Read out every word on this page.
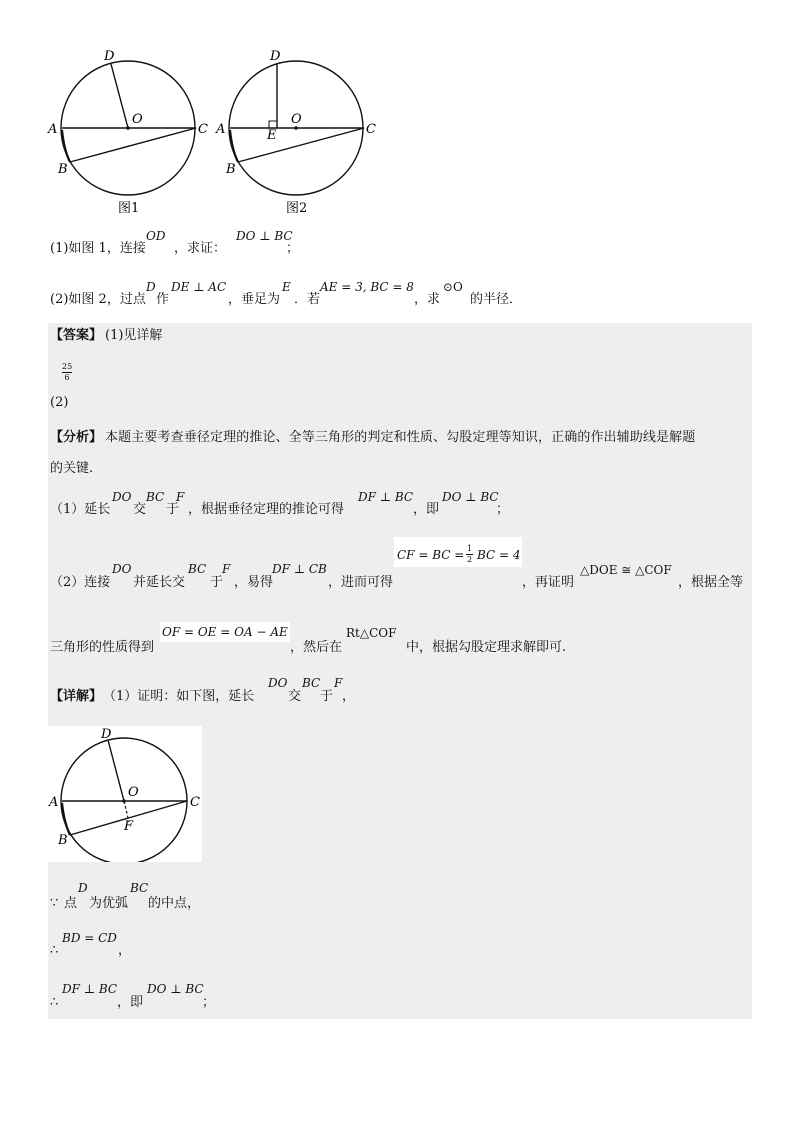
D
O
A	C
B
图1
D
O
A	C
E
B
图2
(1)如图 1，连接
OD
，求证：
DO ⊥ BC
；
(2)如图 2，过点
D
作
DE ⊥ AC
，垂足为
E
．若
AE = 3, BC = 8
，求
⊙O
的半径．
【答案】 (1)见详解
25
6
(2)
【分析】 本题主要考查垂径定理的推论、全等三角形的判定和性质、勾股定理等知识，正确的作出辅助线是解题
的关键.
（1）延长
DO BC
交
F
于 ，根据垂径定理的推论可得
DF ⊥ BC
，即
DO ⊥ BC
；
（2）连接
DO
并延长交
BC F
于 ，易得
DF ⊥ CB
，进而可得
CF = BC = 1
2 BC = 4
，再证明
△DOE ≅ △COF
，根据全等
三角形的性质得到
OF = OE = OA − AE
，然后在
Rt△COF
中，根据勾股定理求解即可.
【详解】 （1）证明：如下图，延长
DO BC
交
F
于 ，
D
O
A	C
F
B
∵ 点
D
为优弧
BC
的中点，
∴
BD = CD
，
∴
DF ⊥ BC
，即
DO ⊥ BC
；
